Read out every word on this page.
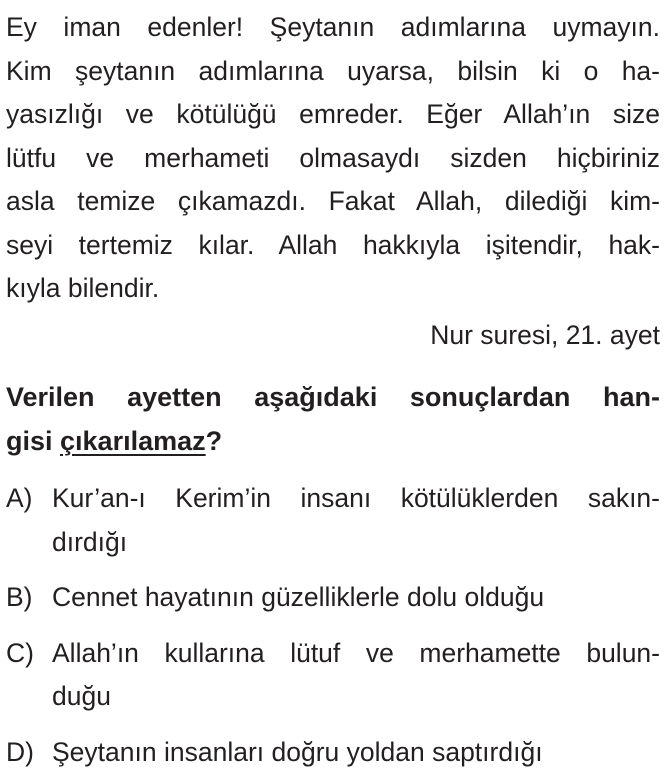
Ey iman edenler! Şeytanın adımlarına uymayın.
Kim şeytanın adımlarına uyarsa, bilsin ki o ha-
yasızlığı ve kötülüğü emreder. Eğer Allah’ın size
lütfu ve merhameti olmasaydı sizden hiçbiriniz
asla temize çıkamazdı. Fakat Allah, dilediği kim-
seyi tertemiz kılar. Allah hakkıyla işitendir, hak-
kıyla bilendir.
Nur suresi, 21. ayet
Verilen ayetten aşağıdaki sonuçlardan han-
gisi çıkarılamaz?
A) Kur’an-ı Kerim’in insanı kötülüklerden sakın-
dırdığı
B) Cennet hayatının güzelliklerle dolu olduğu
C) Allah’ın kullarına lütuf ve merhamette bulun-
duğu
D) Şeytanın insanları doğru yoldan saptırdığı
